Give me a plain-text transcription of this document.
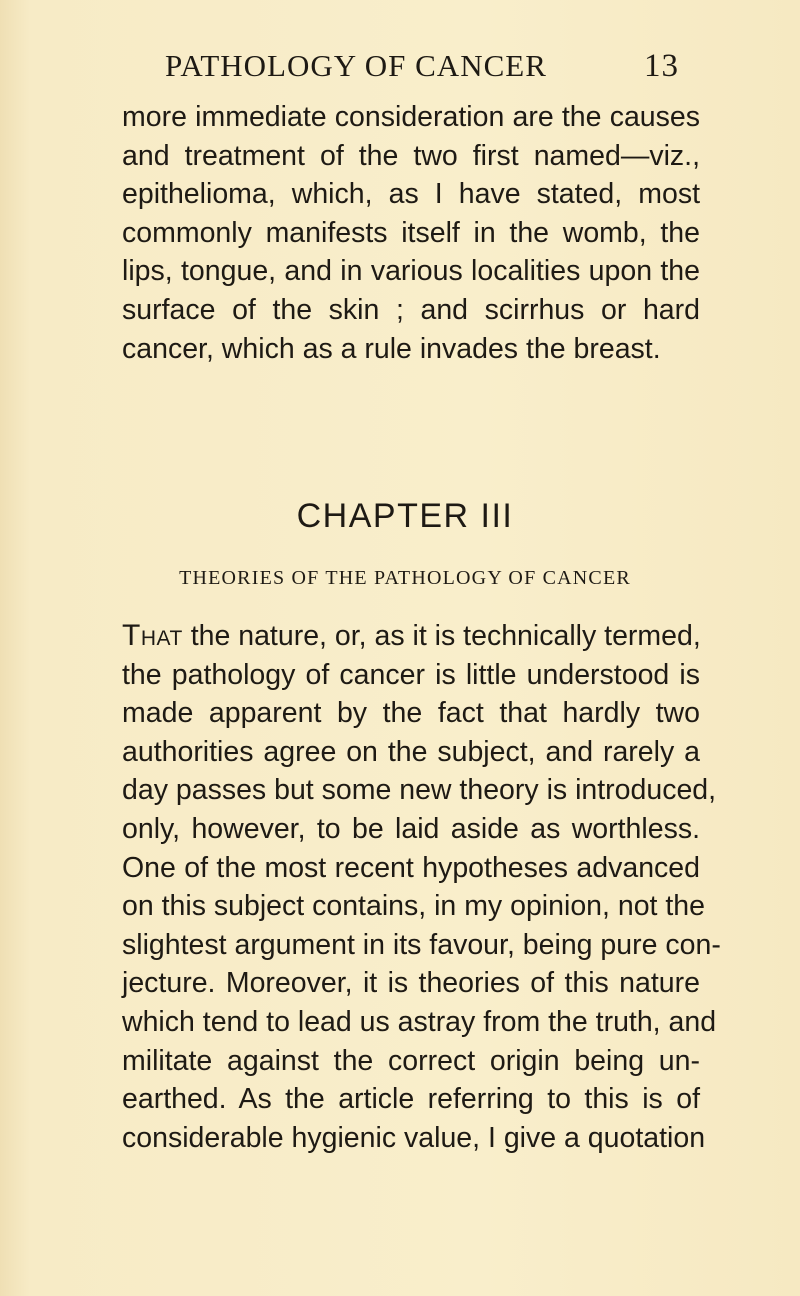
PATHOLOGY OF CANCER	13
more immediate consideration are the causes
and treatment of the two first named—viz.,
epithelioma, which, as I have stated, most
commonly manifests itself in the womb, the
lips, tongue, and in various localities upon the
surface of the skin ; and scirrhus or hard
cancer, which as a rule invades the breast.
CHAPTER III
THEORIES OF THE PATHOLOGY OF CANCER
That the nature, or, as it is technically termed,
the pathology of cancer is little understood is
made apparent by the fact that hardly two
authorities agree on the subject, and rarely a
day passes but some new theory is introduced,
only, however, to be laid aside as worthless.
One of the most recent hypotheses advanced
on this subject contains, in my opinion, not the
slightest argument in its favour, being pure con-
jecture. Moreover, it is theories of this nature
which tend to lead us astray from the truth, and
militate against the correct origin being un-
earthed. As the article referring to this is of
considerable hygienic value, I give a quotation
